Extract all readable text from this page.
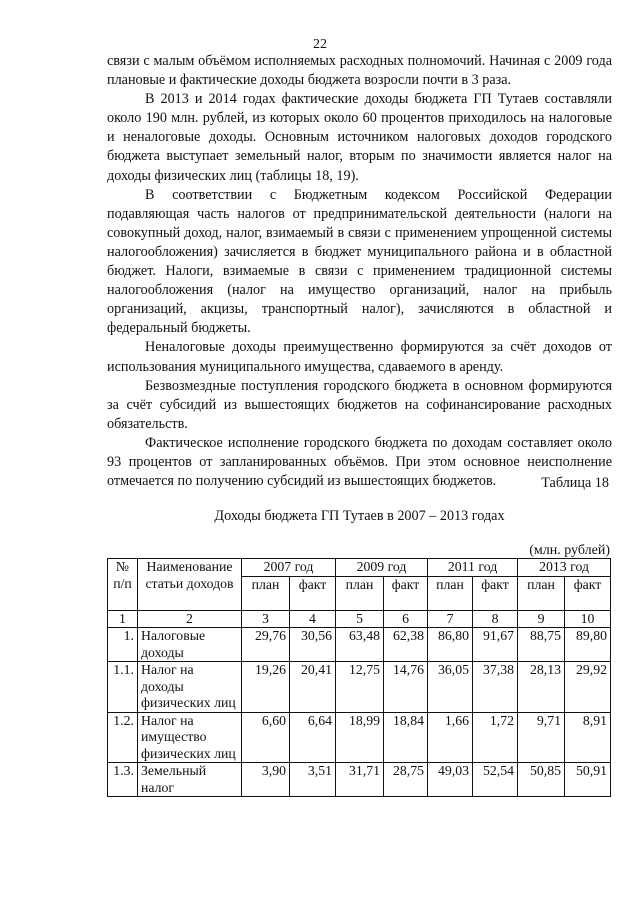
22

связи с малым объёмом исполняемых расходных полномочий. Начиная с 2009 года плановые и фактические доходы бюджета возросли почти в 3 раза.

В 2013 и 2014 годах фактические доходы бюджета ГП Тутаев составляли около 190 млн. рублей, из которых около 60 процентов приходилось на налоговые и неналоговые доходы. Основным источником налоговых доходов городского бюджета выступает земельный налог, вторым по значимости является налог на доходы физических лиц (таблицы 18, 19).

В соответствии с Бюджетным кодексом Российской Федерации подавляющая часть налогов от предпринимательской деятельности (налоги на совокупный доход, налог, взимаемый в связи с применением упрощенной системы налогообложения) зачисляется в бюджет муниципального района и в областной бюджет. Налоги, взимаемые в связи с применением традиционной системы налогообложения (налог на имущество организаций, налог на прибыль организаций, акцизы, транспортный налог), зачисляются в областной и федеральный бюджеты.

Неналоговые доходы преимущественно формируются за счёт доходов от использования муниципального имущества, сдаваемого в аренду.

Безвозмездные поступления городского бюджета в основном формируются за счёт субсидий из вышестоящих бюджетов на софинансирование расходных обязательств.

Фактическое исполнение городского бюджета по доходам составляет около 93 процентов от запланированных объёмов. При этом основное неисполнение отмечается по получению субсидий из вышестоящих бюджетов.	Таблица 18
Доходы бюджета ГП Тутаев в 2007 – 2013 годах
(млн. рублей)
№ п/п	Наименование статьи доходов	2007 год		2009 год		2011 год		2013 год	
		план	факт	план	факт	план	факт	план	факт
1	2	3	4	5	6	7	8	9	10
1.	Налоговые доходы	29,76	30,56	63,48	62,38	86,80	91,67	88,75	89,80
1.1.	Налог на доходы физических лиц	19,26	20,41	12,75	14,76	36,05	37,38	28,13	29,92
1.2.	Налог на имущество физических лиц	6,60	6,64	18,99	18,84	1,66	1,72	9,71	8,91
1.3.	Земельный налог	3,90	3,51	31,71	28,75	49,03	52,54	50,85	50,91
